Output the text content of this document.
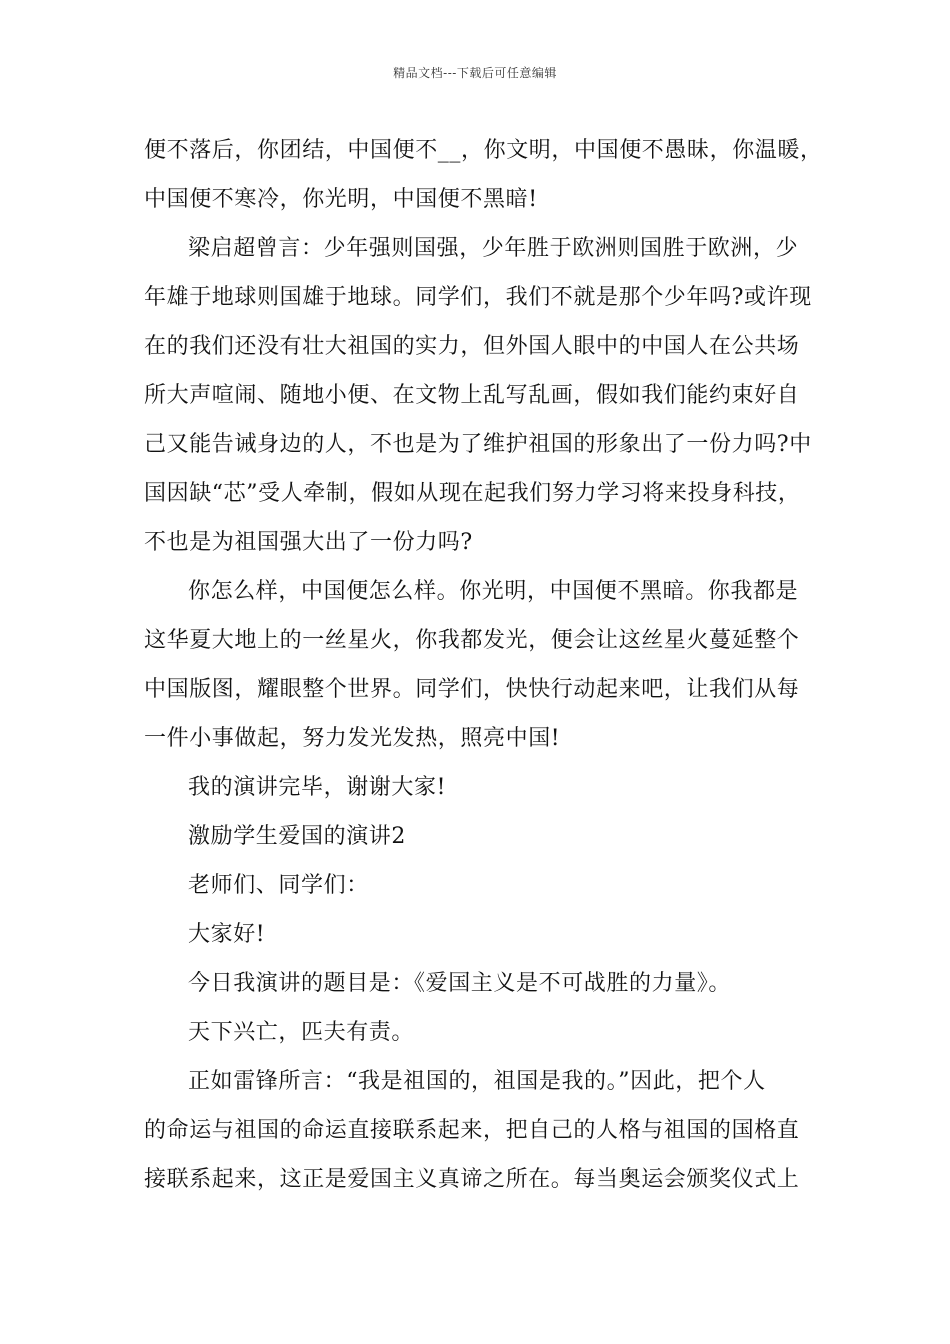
精品文档---下载后可任意编辑
便不落后，你团结，中国便不__，你文明，中国便不愚昧，你温暖，
中国便不寒冷，你光明，中国便不黑暗!
梁启超曾言：少年强则国强，少年胜于欧洲则国胜于欧洲，少
年雄于地球则国雄于地球。同学们，我们不就是那个少年吗?或许现
在的我们还没有壮大祖国的实力，但外国人眼中的中国人在公共场
所大声喧闹、随地小便、在文物上乱写乱画，假如我们能约束好自
己又能告诫身边的人，不也是为了维护祖国的形象出了一份力吗?中
国因缺“芯”受人牵制，假如从现在起我们努力学习将来投身科技，
不也是为祖国强大出了一份力吗?
你怎么样，中国便怎么样。你光明，中国便不黑暗。你我都是
这华夏大地上的一丝星火，你我都发光，便会让这丝星火蔓延整个
中国版图，耀眼整个世界。同学们，快快行动起来吧，让我们从每
一件小事做起，努力发光发热，照亮中国!
我的演讲完毕，谢谢大家!
激励学生爱国的演讲2
老师们、同学们：
大家好!
今日我演讲的题目是：《爱国主义是不可战胜的力量》。
天下兴亡，匹夫有责。
正如雷锋所言：“我是祖国的，祖国是我的。”因此，把个人
的命运与祖国的命运直接联系起来，把自己的人格与祖国的国格直
接联系起来，这正是爱国主义真谛之所在。每当奥运会颁奖仪式上
